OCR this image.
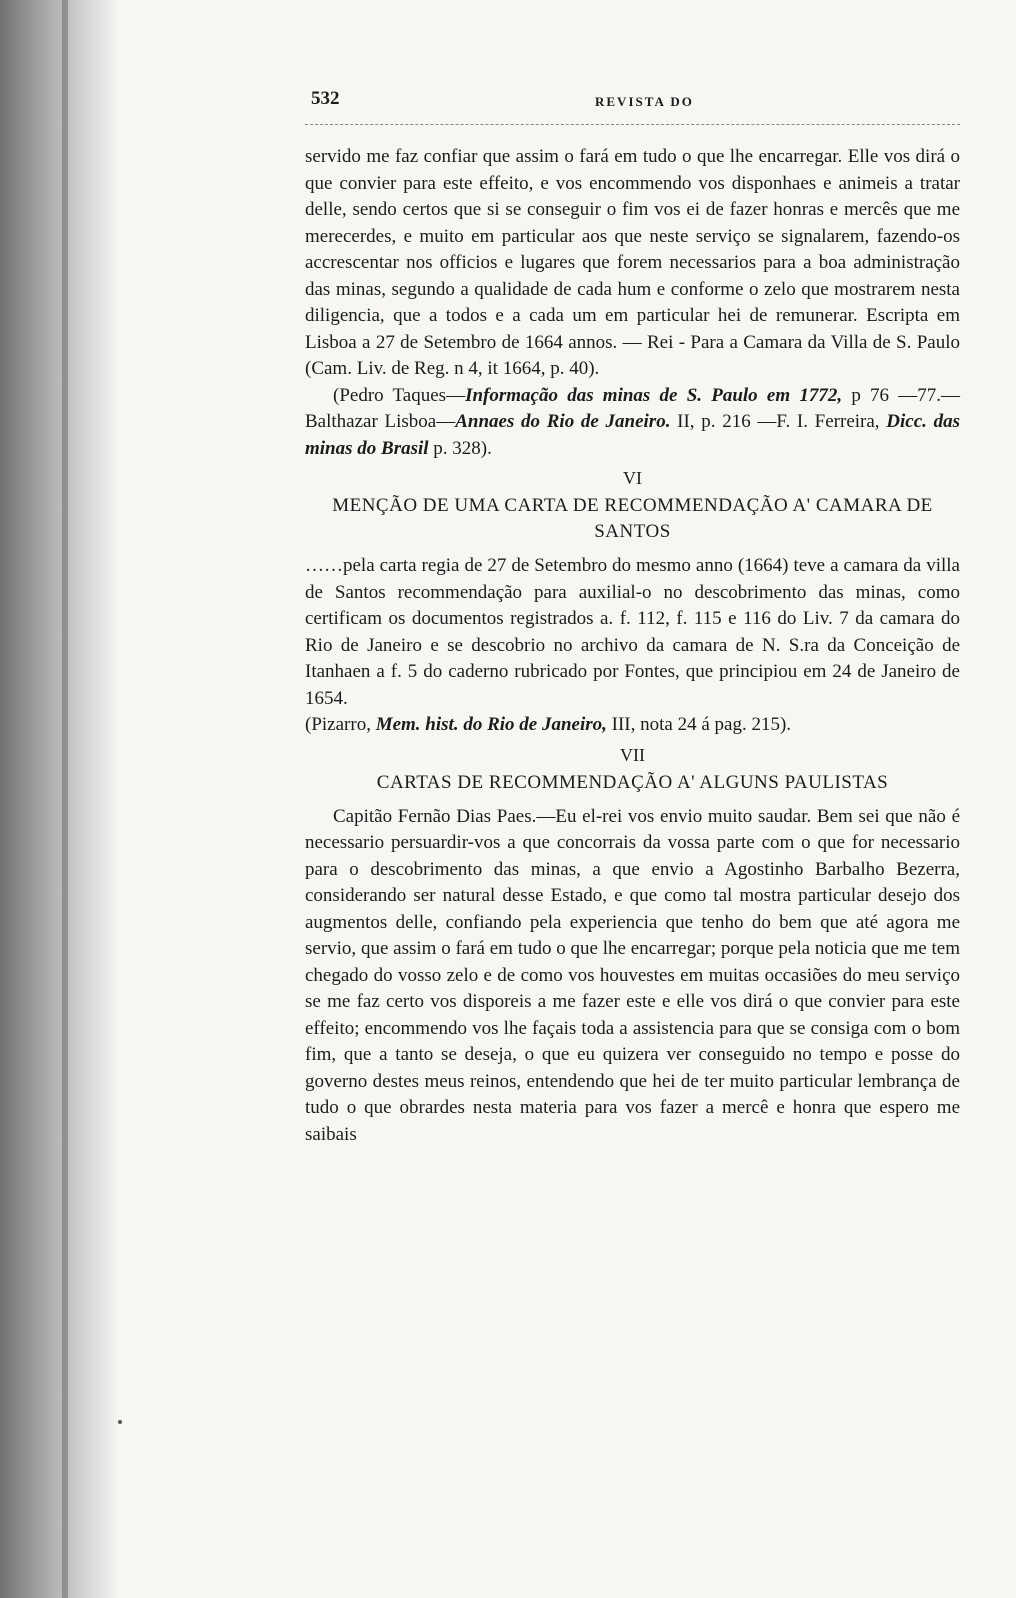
532	REVISTA DO

servido me faz confiar que assim o fará em tudo o que lhe encarregar. Elle vos dirá o que convier para este effeito, e vos encommendo vos disponhaes e animeis a tratar delle, sendo certos que si se conseguir o fim vos ei de fazer honras e mercês que me merecerdes, e muito em particular aos que neste serviço se signalarem, fazendo-os accrescentar nos officios e lugares que forem necessarios para a boa administração das minas, segundo a qualidade de cada hum e conforme o zelo que mostrarem nesta diligencia, que a todos e a cada um em particular hei de remunerar. Escripta em Lisboa a 27 de Setembro de 1664 annos. — Rei - Para a Camara da Villa de S. Paulo (Cam. Liv. de Reg. n 4, it 1664, p. 40).

(Pedro Taques—Informação das minas de S. Paulo em 1772, p 76 —77.—Balthazar Lisboa—Annaes do Rio de Janeiro. II, p. 216 —F. I. Ferreira, Dicc. das minas do Brasil p. 328).

VI
MENÇÃO DE UMA CARTA DE RECOMMENDAÇÃO A' CAMARA DE SANTOS

……pela carta regia de 27 de Setembro do mesmo anno (1664) teve a camara da villa de Santos recommendação para auxilial-o no descobrimento das minas, como certificam os documentos registrados a. f. 112, f. 115 e 116 do Liv. 7 da camara do Rio de Janeiro e se descobrio no archivo da camara de N. S.ra da Conceição de Itanhaen a f. 5 do caderno rubricado por Fontes, que principiou em 24 de Janeiro de 1654.

(Pizarro, Mem. hist. do Rio de Janeiro, III, nota 24 á pag. 215).

VII
CARTAS DE RECOMMENDAÇÃO A' ALGUNS PAULISTAS

Capitão Fernão Dias Paes.—Eu el-rei vos envio muito saudar. Bem sei que não é necessario persuardir-vos a que concorrais da vossa parte com o que for necessario para o descobrimento das minas, a que envio a Agostinho Barbalho Bezerra, considerando ser natural desse Estado, e que como tal mostra particular desejo dos augmentos delle, confiando pela experiencia que tenho do bem que até agora me servio, que assim o fará em tudo o que lhe encarregar; porque pela noticia que me tem chegado do vosso zelo e de como vos houvestes em muitas occasiões do meu serviço se me faz certo vos disporeis a me fazer este e elle vos dirá o que convier para este effeito; encommendo vos lhe façais toda a assistencia para que se consiga com o bom fim, que a tanto se deseja, o que eu quizera ver conseguido no tempo e posse do governo destes meus reinos, entendendo que hei de ter muito particular lembrança de tudo o que obrardes nesta materia para vos fazer a mercê e honra que espero me saibais
